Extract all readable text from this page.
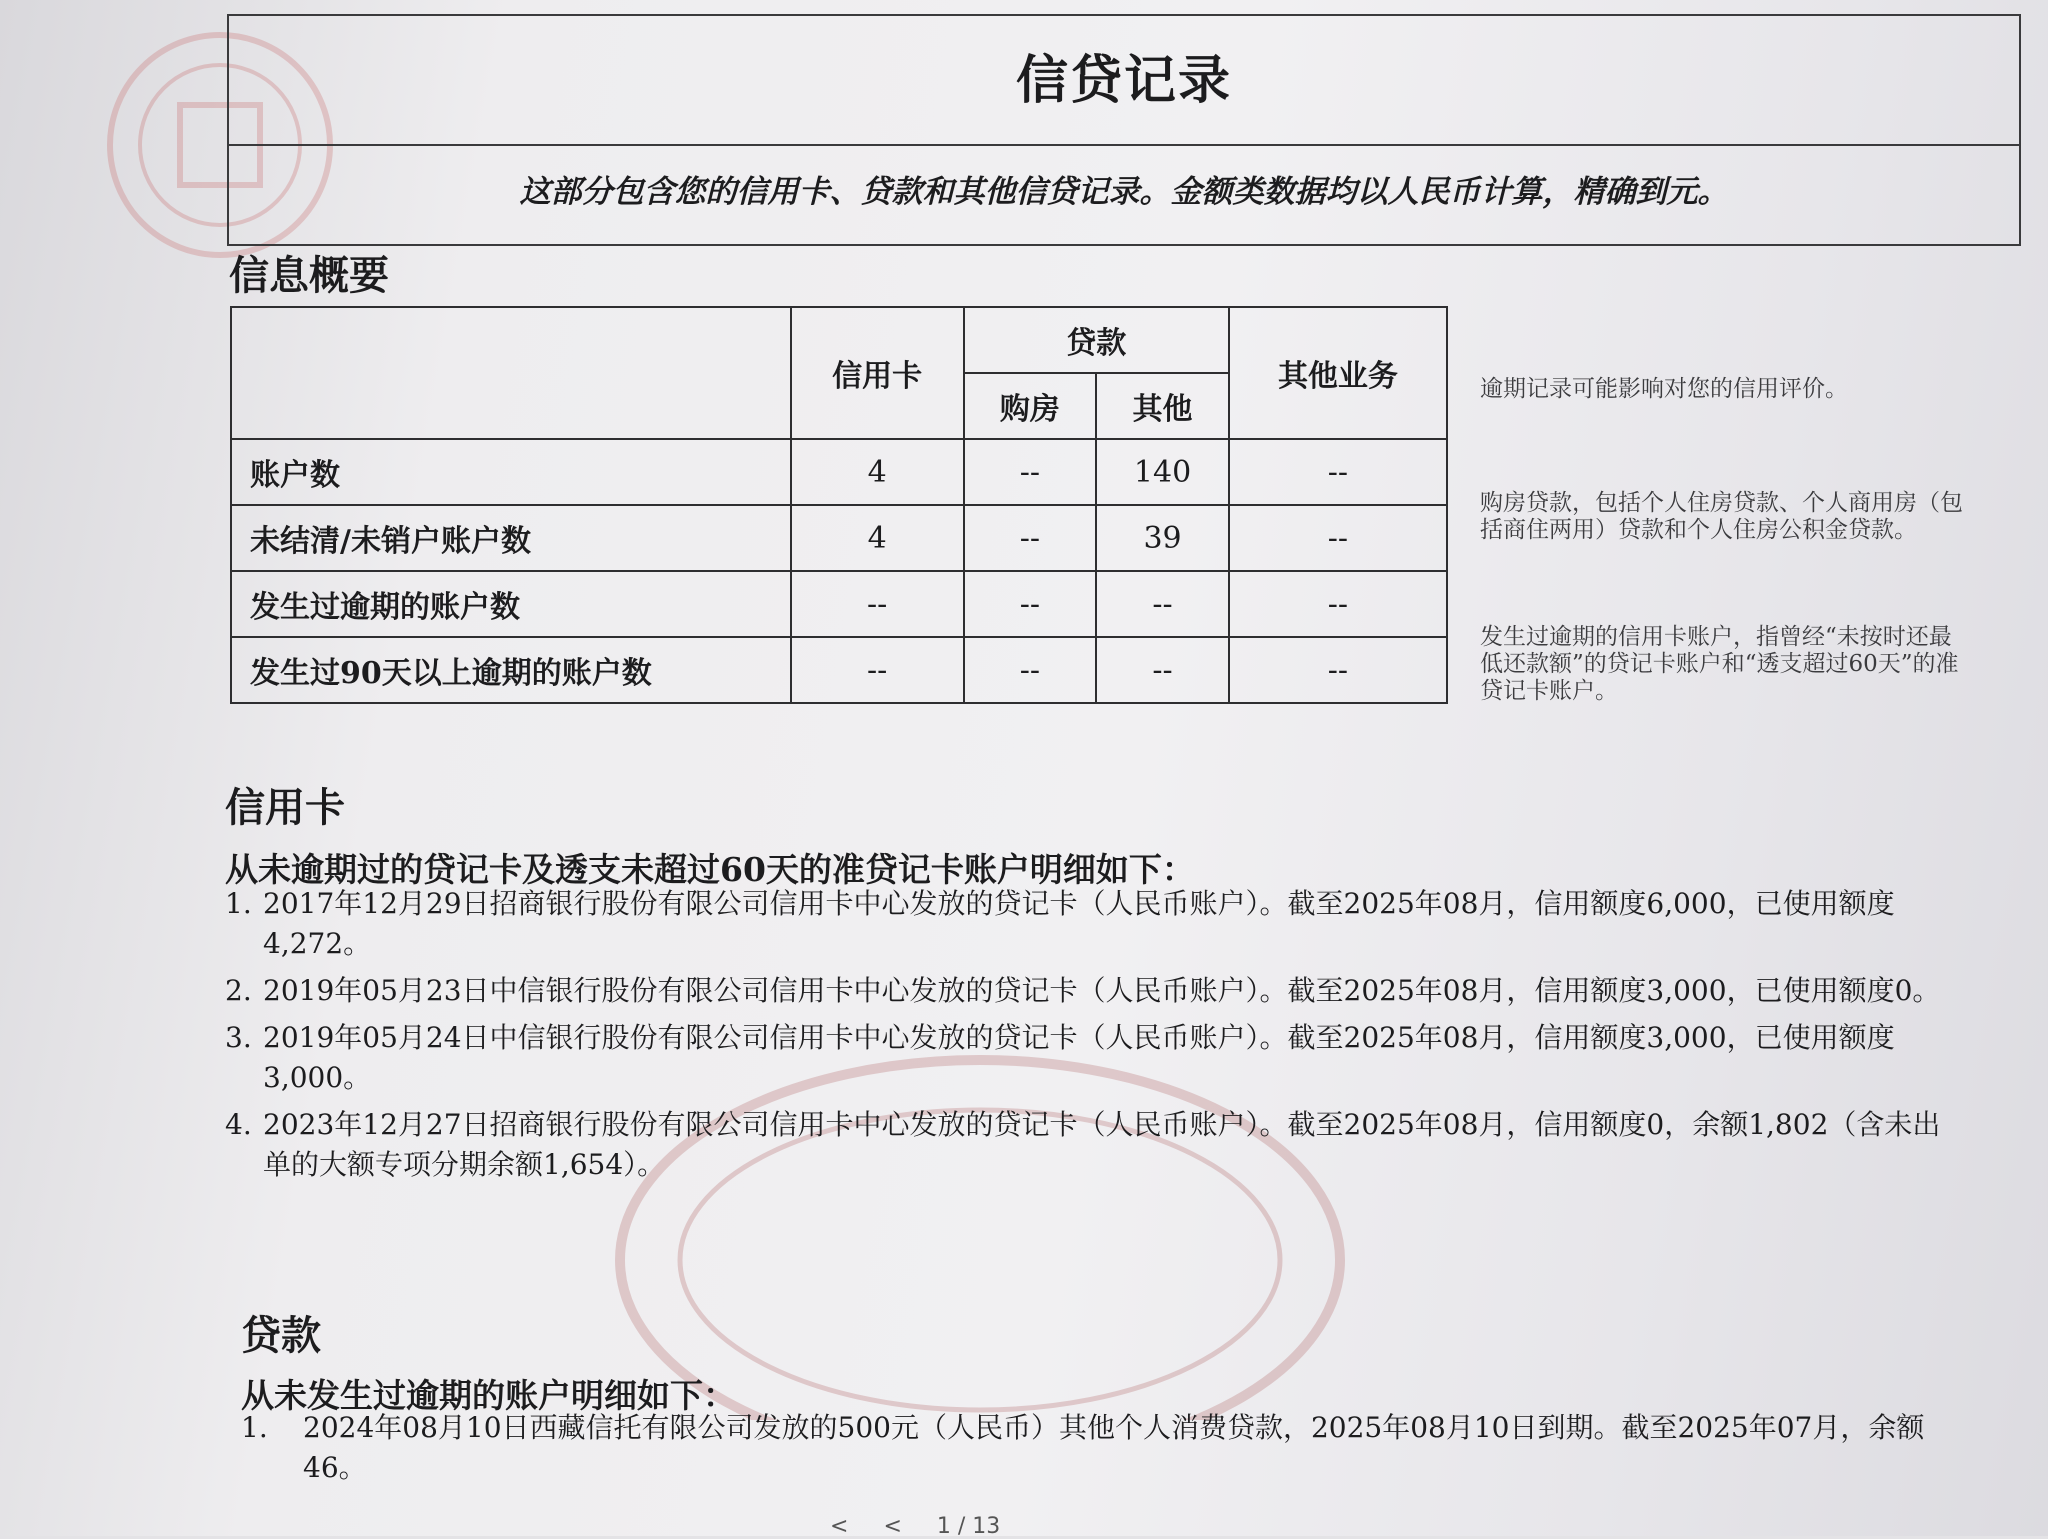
信贷记录
这部分包含您的信用卡、贷款和其他信贷记录。金额类数据均以人民币计算，精确到元。
信息概要
	信用卡	贷款		其他业务
		购房	其他	
账户数	4	--	140	--
未结清/未销户账户数	4	--	39	--
发生过逾期的账户数	--	--	--	--
发生过90天以上逾期的账户数	--	--	--	--
逾期记录可能影响对您的信用评价。
购房贷款，包括个人住房贷款、个人商用房（包括商住两用）贷款和个人住房公积金贷款。
发生过逾期的信用卡账户，指曾经“未按时还最低还款额”的贷记卡账户和“透支超过60天”的准贷记卡账户。
信用卡
从未逾期过的贷记卡及透支未超过60天的准贷记卡账户明细如下：
1. 2017年12月29日招商银行股份有限公司信用卡中心发放的贷记卡（人民币账户）。截至2025年08月，信用额度6,000，已使用额度4,272。
2. 2019年05月23日中信银行股份有限公司信用卡中心发放的贷记卡（人民币账户）。截至2025年08月，信用额度3,000，已使用额度0。
3. 2019年05月24日中信银行股份有限公司信用卡中心发放的贷记卡（人民币账户）。截至2025年08月，信用额度3,000，已使用额度3,000。
4. 2023年12月27日招商银行股份有限公司信用卡中心发放的贷记卡（人民币账户）。截至2025年08月，信用额度0，余额1,802（含未出单的大额专项分期余额1,654）。
贷款
从未发生过逾期的账户明细如下：
1. 2024年08月10日西藏信托有限公司发放的500元（人民币）其他个人消费贷款，2025年08月10日到期。截至2025年07月，余额46。
< < 1 / 13
